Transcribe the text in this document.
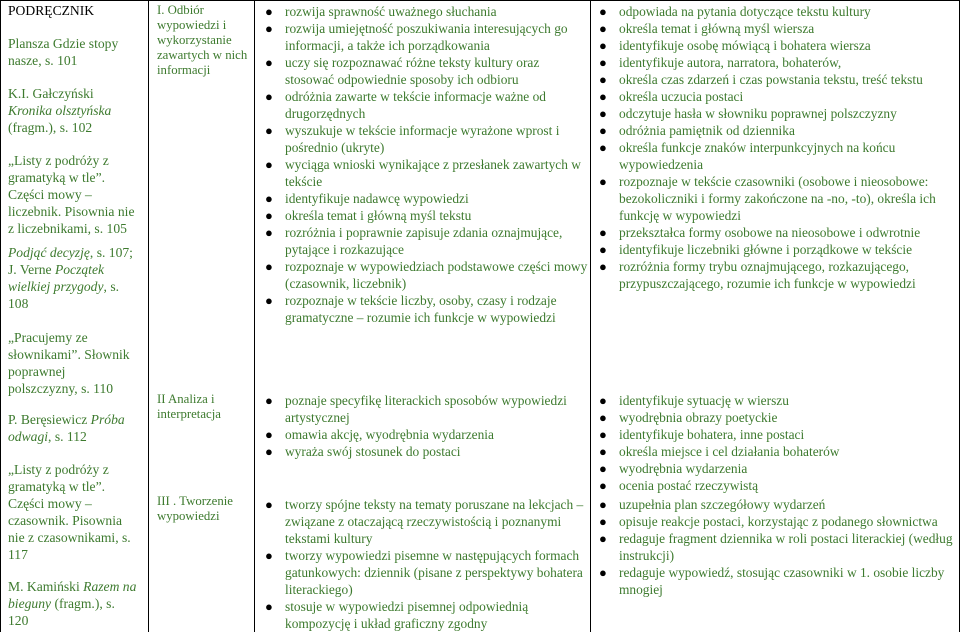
PODRĘCZNIK
Plansza Gdzie stopy
nasze, s. 101
K.I. Gałczyński
Kronika olsztyńska
(fragm.), s. 102
„Listy z podróży z gramatyką w tle”. Części mowy – liczebnik. Pisownia nie z liczebnikami, s. 105
Podjąć decyzję, s. 107;
J. Verne Początek wielkiej przygody, s. 108
„Pracujemy ze słownikami”. Słownik poprawnej polszczyzny, s. 110
P. Beręsiewicz Próba odwagi, s. 112
„Listy z podróży z gramatyką w tle”. Części mowy – czasownik. Pisownia nie z czasownikami, s. 117
M. Kamiński Razem na bieguny (fragm.), s. 120
I. Odbiór wypowiedzi i wykorzystanie zawartych w nich informacji
II Analiza i interpretacja
III . Tworzenie wypowiedzi
● rozwija sprawność uważnego słuchania
● rozwija umiejętność poszukiwania interesujących go informacji, a także ich porządkowania
● uczy się rozpoznawać różne teksty kultury oraz stosować odpowiednie sposoby ich odbioru
● odróżnia zawarte w tekście informacje ważne od drugorzędnych
● wyszukuje w tekście informacje wyrażone wprost i pośrednio (ukryte)
● wyciąga wnioski wynikające z przesłanek zawartych w tekście
● identyfikuje nadawcę wypowiedzi
● określa temat i główną myśl tekstu
● rozróżnia i poprawnie zapisuje zdania oznajmujące, pytające i rozkazujące
● rozpoznaje w wypowiedziach podstawowe części mowy (czasownik, liczebnik)
● rozpoznaje w tekście liczby, osoby, czasy i rodzaje gramatyczne – rozumie ich funkcje w wypowiedzi
● poznaje specyfikę literackich sposobów wypowiedzi artystycznej
● omawia akcję, wyodrębnia wydarzenia
● wyraża swój stosunek do postaci
● tworzy spójne teksty na tematy poruszane na lekcjach – związane z otaczającą rzeczywistością i poznanymi tekstami kultury
● tworzy wypowiedzi pisemne w następujących formach gatunkowych: dziennik (pisane z perspektywy bohatera literackiego)
● stosuje w wypowiedzi pisemnej odpowiednią kompozycję i układ graficzny zgodny
● odpowiada na pytania dotyczące tekstu kultury
● określa temat i główną myśl wiersza
● identyfikuje osobę mówiącą i bohatera wiersza
● identyfikuje autora, narratora, bohaterów,
● określa czas zdarzeń i czas powstania tekstu, treść tekstu
● określa uczucia postaci
● odczytuje hasła w słowniku poprawnej polszczyzny
● odróżnia pamiętnik od dziennika
● określa funkcje znaków interpunkcyjnych na końcu wypowiedzenia
● rozpoznaje w tekście czasowniki (osobowe i nieosobowe: bezokoliczniki i formy zakończone na -no, -to), określa ich funkcję w wypowiedzi
● przekształca formy osobowe na nieosobowe i odwrotnie
● identyfikuje liczebniki główne i porządkowe w tekście
● rozróżnia formy trybu oznajmującego, rozkazującego, przypuszczającego, rozumie ich funkcje w wypowiedzi
● identyfikuje sytuację w wierszu
● wyodrębnia obrazy poetyckie
● identyfikuje bohatera, inne postaci
● określa miejsce i cel działania bohaterów
● wyodrębnia wydarzenia
● ocenia postać rzeczywistą
● uzupełnia plan szczegółowy wydarzeń
● opisuje reakcje postaci, korzystając z podanego słownictwa
● redaguje fragment dziennika w roli postaci literackiej (według instrukcji)
● redaguje wypowiedź, stosując czasowniki w 1. osobie liczby mnogiej
